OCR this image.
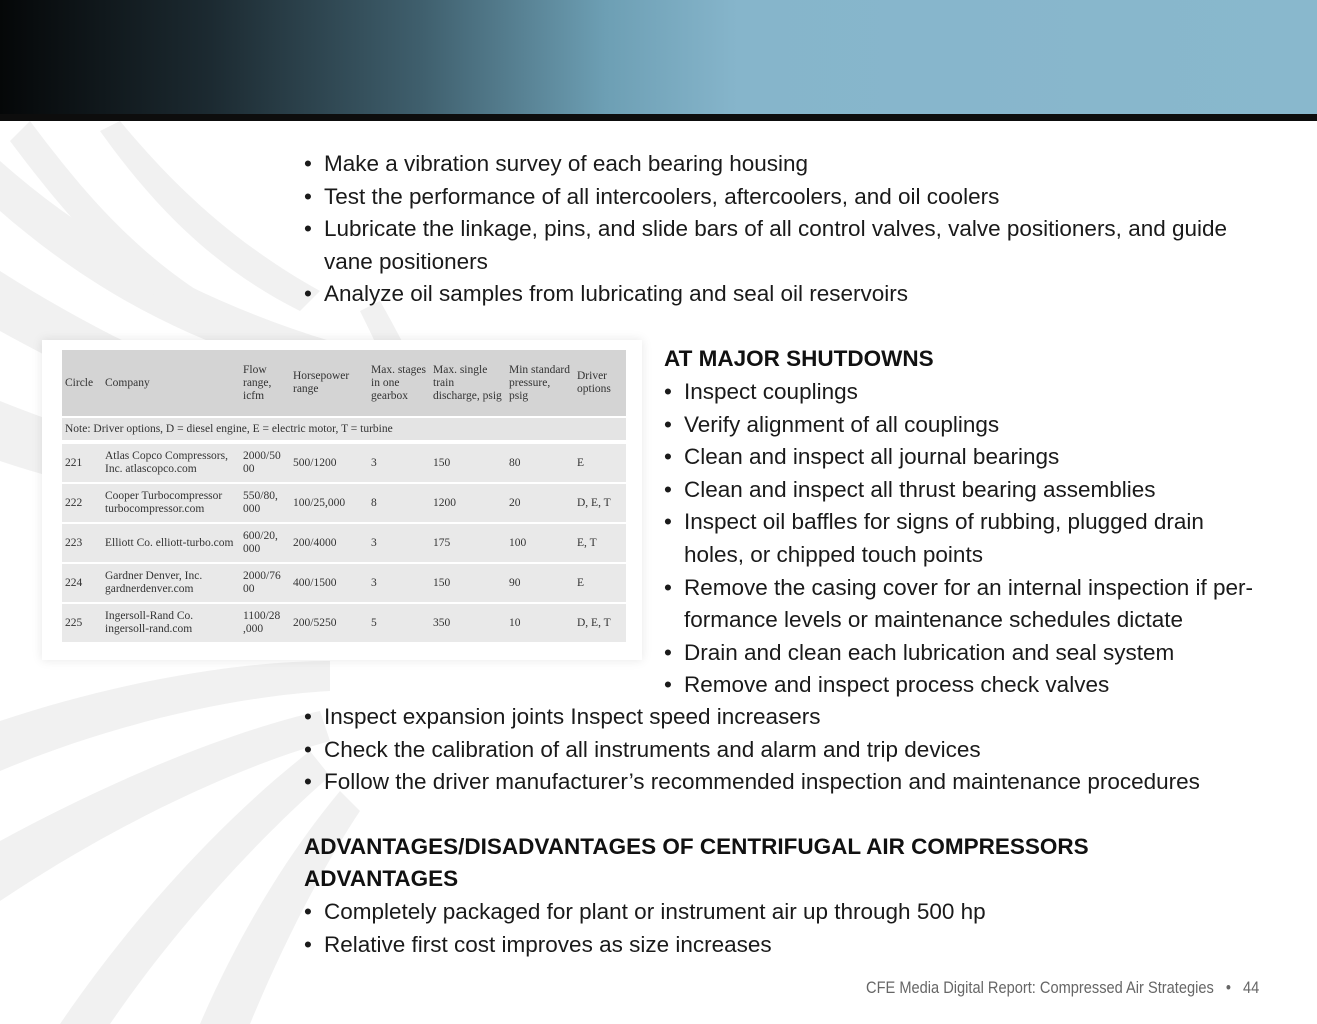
• Make a vibration survey of each bearing housing
• Test the performance of all intercoolers, aftercoolers, and oil coolers
• Lubricate the linkage, pins, and slide bars of all control valves, valve positioners, and guide vane positioners
• Analyze oil samples from lubricating and seal oil reservoirs
Circle	Company	Flow range, icfm	Horsepower range	Max. stages in one gearbox	Max. single train discharge, psig	Min standard pressure, psig	Driver options
Note: Driver options, D = diesel engine, E = electric motor, T = turbine							
221	Atlas Copco Compressors, Inc. atlascopco.com	2000/50 00	500/1200	3	150	80	E
222	Cooper Turbocompressor turbocompressor.com	550/80, 000	100/25,000	8	1200	20	D, E, T
223	Elliott Co. elliott-turbo.com	600/20, 000	200/4000	3	175	100	E, T
224	Gardner Denver, Inc. gardnerdenver.com	2000/76 00	400/1500	3	150	90	E
225	Ingersoll-Rand Co. ingersoll-rand.com	1100/28 ,000	200/5250	5	350	10	D, E, T
AT MAJOR SHUTDOWNS
• Inspect couplings
• Verify alignment of all couplings
• Clean and inspect all journal bearings
• Clean and inspect all thrust bearing assemblies
• Inspect oil baffles for signs of rubbing, plugged drain holes, or chipped touch points
• Remove the casing cover for an internal inspection if per-formance levels or maintenance schedules dictate
• Drain and clean each lubrication and seal system
• Remove and inspect process check valves
• Inspect expansion joints Inspect speed increasers
• Check the calibration of all instruments and alarm and trip devices
• Follow the driver manufacturer’s recommended inspection and maintenance procedures
ADVANTAGES/DISADVANTAGES OF CENTRIFUGAL AIR COMPRESSORS
ADVANTAGES
• Completely packaged for plant or instrument air up through 500 hp
• Relative first cost improves as size increases
CFE Media Digital Report: Compressed Air Strategies • 44
